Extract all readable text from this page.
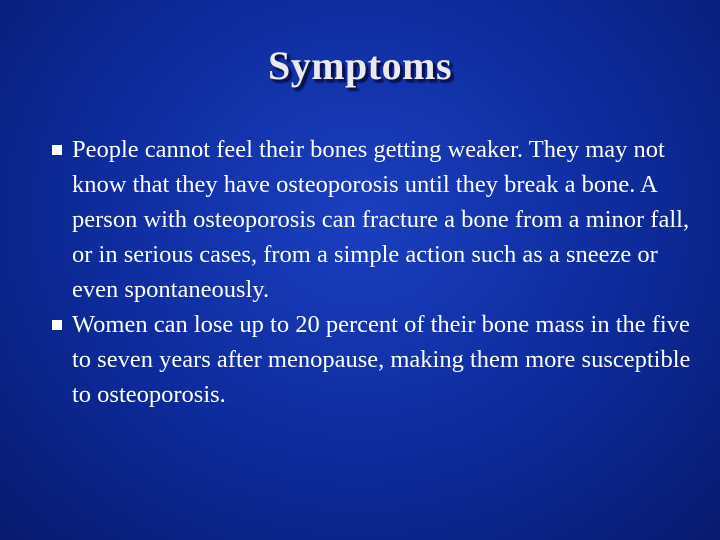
Symptoms
People cannot feel their bones getting weaker. They may not know that they have osteoporosis until they break a bone. A person with osteoporosis can fracture a bone from a minor fall, or in serious cases, from a simple action such as a sneeze or even spontaneously.
Women can lose up to 20 percent of their bone mass in the five to seven years after menopause, making them more susceptible to osteoporosis.
